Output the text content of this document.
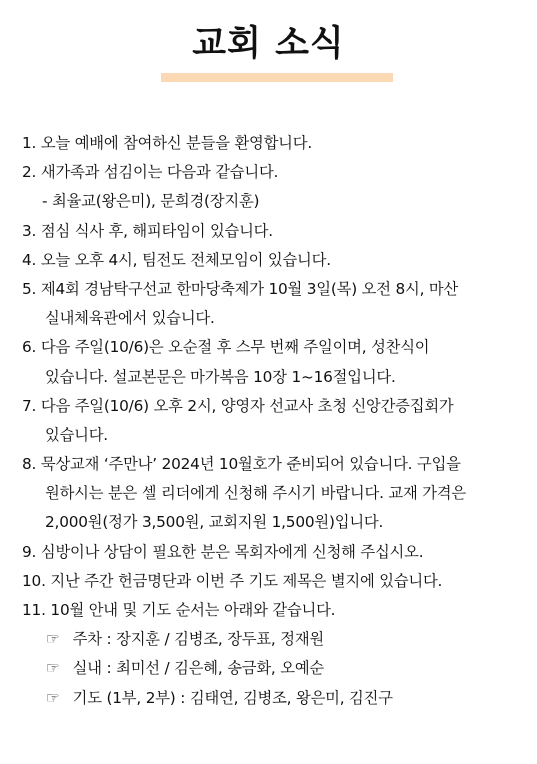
교회 소식
1. 오늘 예배에 참여하신 분들을 환영합니다.
2. 새가족과 섬김이는 다음과 같습니다.
- 최율교(왕은미), 문희경(장지훈)
3. 점심 식사 후, 해피타임이 있습니다.
4. 오늘 오후 4시, 팀전도 전체모임이 있습니다.
5. 제4회 경남탁구선교 한마당축제가 10월 3일(목) 오전 8시, 마산
실내체육관에서 있습니다.
6. 다음 주일(10/6)은 오순절 후 스무 번째 주일이며, 성찬식이
있습니다. 설교본문은 마가복음 10장 1~16절입니다.
7. 다음 주일(10/6) 오후 2시, 양영자 선교사 초청 신앙간증집회가
있습니다.
8. 묵상교재 ‘주만나’ 2024년 10월호가 준비되어 있습니다. 구입을
원하시는 분은 셀 리더에게 신청해 주시기 바랍니다. 교재 가격은
2,000원(정가 3,500원, 교회지원 1,500원)입니다.
9. 심방이나 상담이 필요한 분은 목회자에게 신청해 주십시오.
10. 지난 주간 헌금명단과 이번 주 기도 제목은 별지에 있습니다.
11. 10월 안내 및 기도 순서는 아래와 같습니다.
☞ 주차 : 장지훈 / 김병조, 장두표, 정재원
☞ 실내 : 최미선 / 김은혜, 송금화, 오예순
☞ 기도 (1부, 2부) : 김태연, 김병조, 왕은미, 김진구
